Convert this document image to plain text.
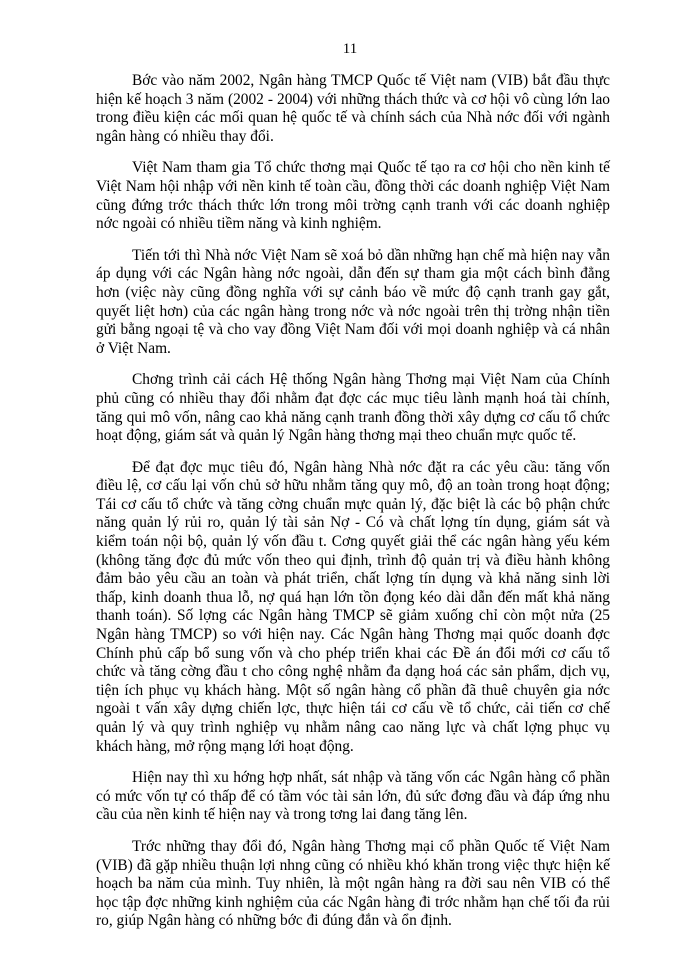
11

Bớc vào năm 2002, Ngân hàng TMCP Quốc tế Việt nam (VIB) bắt đầu thực hiện kế hoạch 3 năm (2002 - 2004) với những thách thức và cơ hội vô cùng lớn lao trong điều kiện các mối quan hệ quốc tế và chính sách của Nhà nớc đối với ngành ngân hàng có nhiều thay đổi.

Việt Nam tham gia Tổ chức thơng mại Quốc tế tạo ra cơ hội cho nền kinh tế Việt Nam hội nhập với nền kinh tế toàn cầu, đồng thời các doanh nghiệp Việt Nam cũng đứng trớc thách thức lớn trong môi trờng cạnh tranh với các doanh nghiệp nớc ngoài có nhiều tiềm năng và kinh nghiệm.

Tiến tới thì Nhà nớc Việt Nam sẽ xoá bỏ dần những hạn chế mà hiện nay vẫn áp dụng với các Ngân hàng nớc ngoài, dẫn đến sự tham gia một cách bình đẳng hơn (việc này cũng đồng nghĩa với sự cảnh báo về mức độ cạnh tranh gay gắt, quyết liệt hơn) của các ngân hàng trong nớc và nớc ngoài trên thị trờng nhận tiền gửi bằng ngoại tệ và cho vay đồng Việt Nam đối với mọi doanh nghiệp và cá nhân ở Việt Nam.

Chơng trình cải cách Hệ thống Ngân hàng Thơng mại Việt Nam của Chính phủ cũng có nhiều thay đổi nhằm đạt đợc các mục tiêu lành mạnh hoá tài chính, tăng qui mô vốn, nâng cao khả năng cạnh tranh đồng thời xây dựng cơ cấu tổ chức hoạt động, giám sát và quản lý Ngân hàng thơng mại theo chuẩn mực quốc tế.

Để đạt đợc mục tiêu đó, Ngân hàng Nhà nớc đặt ra các yêu cầu: tăng vốn điều lệ, cơ cấu lại vốn chủ sở hữu nhằm tăng quy mô, độ an toàn trong hoạt động; Tái cơ cấu tổ chức và tăng cờng chuẩn mực quản lý, đặc biệt là các bộ phận chức năng quản lý rủi ro, quản lý tài sản Nợ - Có và chất lợng tín dụng, giám sát và kiểm toán nội bộ, quản lý vốn đầu t. Cơng quyết giải thể các ngân hàng yếu kém (không tăng đợc đủ mức vốn theo qui định, trình độ quản trị và điều hành không đảm bảo yêu cầu an toàn và phát triển, chất lợng tín dụng và khả năng sinh lời thấp, kinh doanh thua lỗ, nợ quá hạn lớn tồn đọng kéo dài dẫn đến mất khả năng thanh toán). Số lợng các Ngân hàng TMCP sẽ giảm xuống chỉ còn một nửa (25 Ngân hàng TMCP) so với hiện nay. Các Ngân hàng Thơng mại quốc doanh đợc Chính phủ cấp bổ sung vốn và cho phép triển khai các Đề án đổi mới cơ cấu tổ chức và tăng cờng đầu t cho công nghệ nhằm đa dạng hoá các sản phẩm, dịch vụ, tiện ích phục vụ khách hàng. Một số ngân hàng cổ phần đã thuê chuyên gia nớc ngoài t vấn xây dựng chiến lợc, thực hiện tái cơ cấu về tổ chức, cải tiến cơ chế quản lý và quy trình nghiệp vụ nhằm nâng cao năng lực và chất lợng phục vụ khách hàng, mở rộng mạng lới hoạt động.

Hiện nay thì xu hớng hợp nhất, sát nhập và tăng vốn các Ngân hàng cổ phần có mức vốn tự có thấp để có tầm vóc tài sản lớn, đủ sức đơng đầu và đáp ứng nhu cầu của nền kinh tế hiện nay và trong tơng lai đang tăng lên.

Trớc những thay đổi đó, Ngân hàng Thơng mại cổ phần Quốc tế Việt Nam (VIB) đã gặp nhiều thuận lợi nhng cũng có nhiều khó khăn trong việc thực hiện kế hoạch ba năm của mình. Tuy nhiên, là một ngân hàng ra đời sau nên VIB có thể học tập đợc những kinh nghiệm của các Ngân hàng đi trớc nhằm hạn chế tối đa rủi ro, giúp Ngân hàng có những bớc đi đúng đắn và ổn định.
